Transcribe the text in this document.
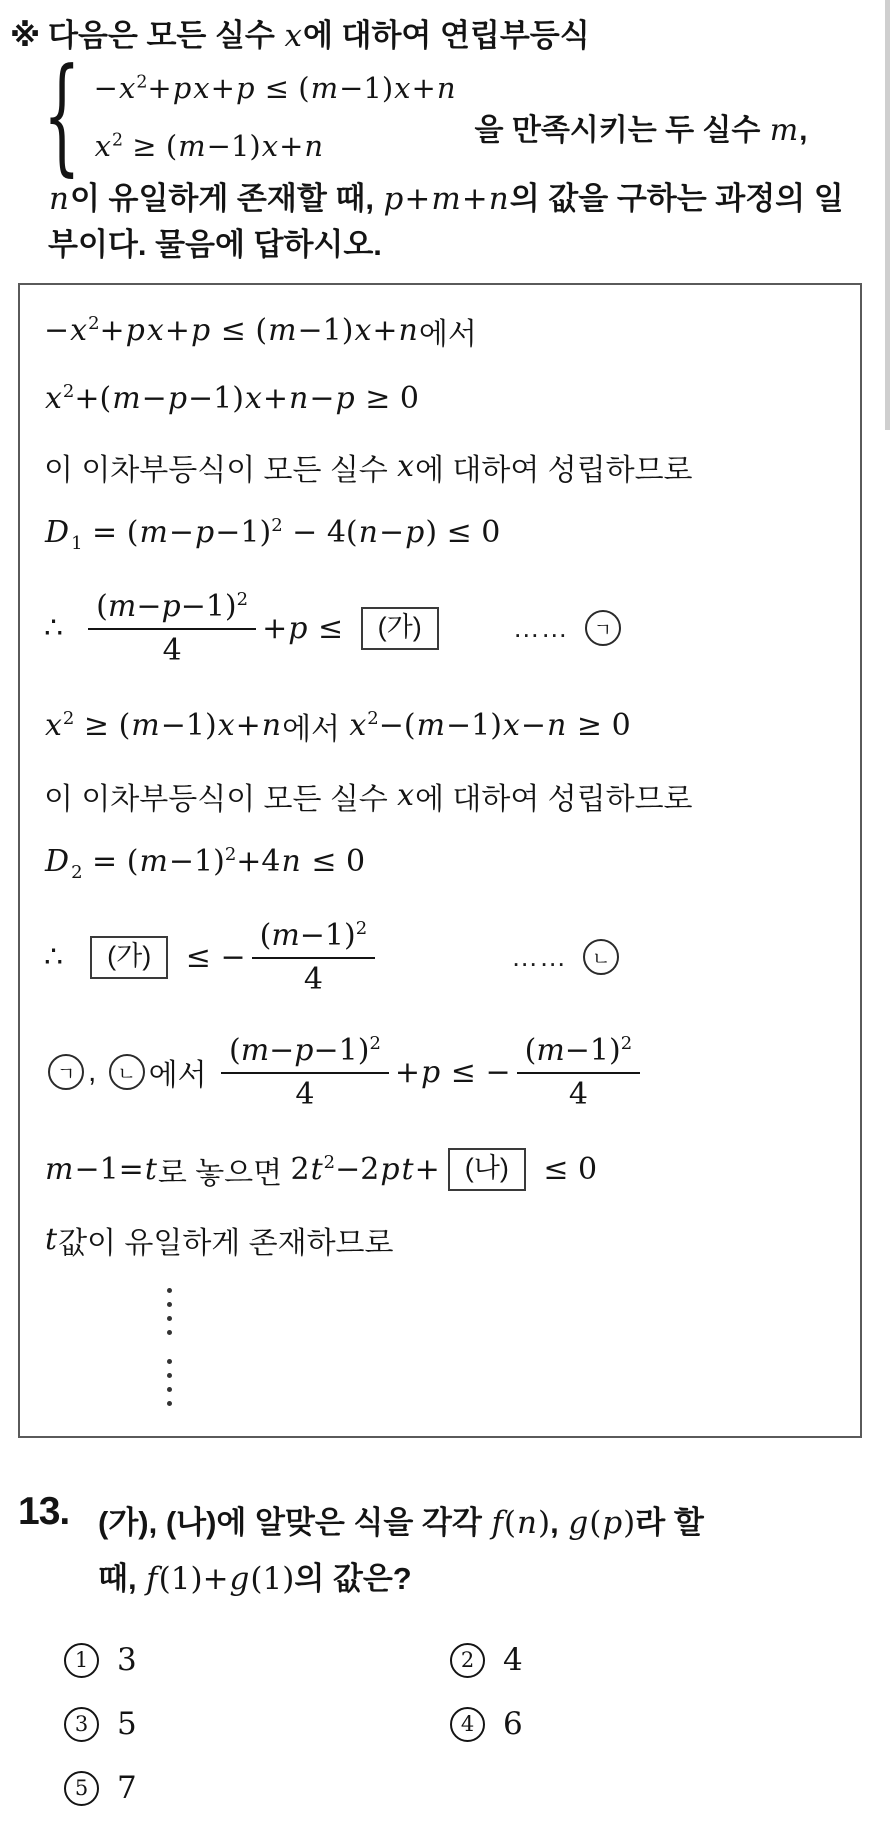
※ 다음은 모든 실수 x에 대하여 연립부등식
{ $-x^2+px+p \le (m-1)x+n$
$x^2 \ge (m-1)x+n$	을 만족시키는 두 실수 m,
n이 유일하게 존재할 때, p+m+n의 값을 구하는 과정의 일부이다. 물음에 답하시오.
$-x^2+px+p \le (m-1)x+n$ 에서
$x^2+(m-p-1)x+n-p \ge 0$
이 이차부등식이 모든 실수 x 에 대하여 성립하므로
D $_1 = (m-p-1)^2 - 4(n-p) \le 0$
∴ $\frac{(m-p-1)^2}{4} +p$ ≤ (가)	……	ㄱ
$x^2 \ge (m-1)x+n$ 에서 $x^2-(m-1)x-n \ge 0$
이 이차부등식이 모든 실수 x 에 대하여 성립하므로
D $_2 = (m-1)^2+4n \le 0$
∴ (가) ≤ − $\frac{(m-1)^2}{4}$	……	ㄴ
ㄱ , ㄴ 에서 $\frac{(m-p-1)^2}{4} +p$ ≤ − $\frac{(m-1)^2}{4}$
m−1=t 로 놓으면 $2t^2-2pt+$ (나) ≤ 0
t 값이 유일하게 존재하므로
13. (가), (나)에 알맞은 식을 각각 f(n), g(p)라 할
때, f(1)+g(1)의 값은?
1 3	2 4
3 5	4 6
5 7
